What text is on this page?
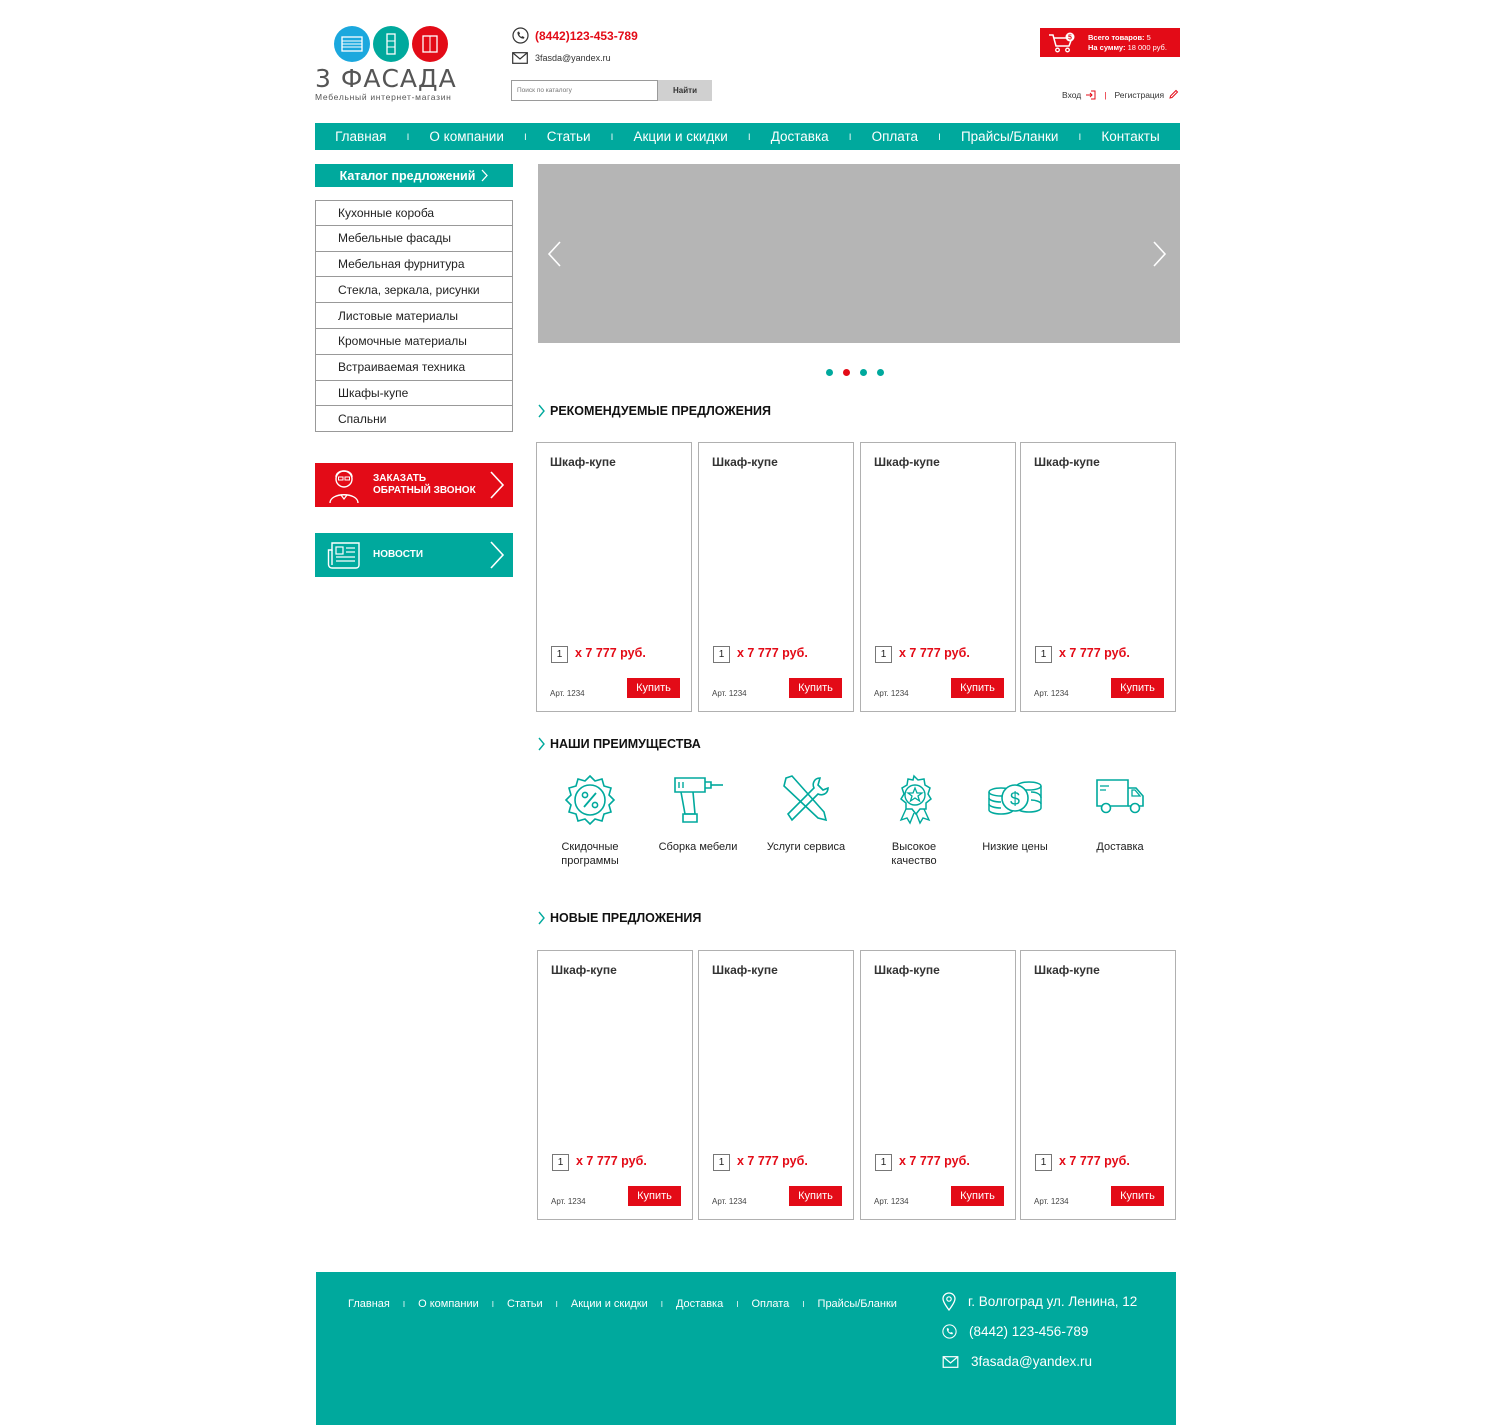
3 ФАСАДА
Мебельный интернет-магазин
(8442)123-453-789
3fasda@yandex.ru
Поиск по каталогу
Найти
5 Всего товаров: 5
На сумму: 18 000 руб.
Вход	| Регистрация
Главная I О компании I Статьи I Акции и скидки I Доставка I Оплата I Прайсы/Бланки I Контакты
Каталог предложений
Кухонные короба
Мебельные фасады
Мебельная фурнитура
Стекла, зеркала, рисунки
Листовые материалы
Кромочные материалы
Встраиваемая техника
Шкафы-купе
Спальни
ЗАКАЗАТЬ
ОБРАТНЫЙ ЗВОНОК
НОВОСТИ
РЕКОМЕНДУЕМЫЕ ПРЕДЛОЖЕНИЯ
Шкаф-купе
1	x 7 777 руб.
Арт. 1234	Купить
Шкаф-купе
1	x 7 777 руб.
Арт. 1234	Купить
Шкаф-купе
1	x 7 777 руб.
Арт. 1234	Купить
Шкаф-купе
1	x 7 777 руб.
Арт. 1234	Купить
НАШИ ПРЕИМУЩЕСТВА
Скидочные
программы
Сборка мебели	Услуги сервиса	Высокое
качество
$
Низкие цены	Доставка
НОВЫЕ ПРЕДЛОЖЕНИЯ
Шкаф-купе
1	x 7 777 руб.
Арт. 1234	Купить
Шкаф-купе
1	x 7 777 руб.
Арт. 1234	Купить
Шкаф-купе
1	x 7 777 руб.
Арт. 1234	Купить
Шкаф-купе
1	x 7 777 руб.
Арт. 1234	Купить
Главная I О компании I Статьи I Акции и скидки I Доставка I Оплата I Прайсы/Бланки	г. Волгоград ул. Ленина, 12
(8442) 123-456-789
3fasada@yandex.ru
